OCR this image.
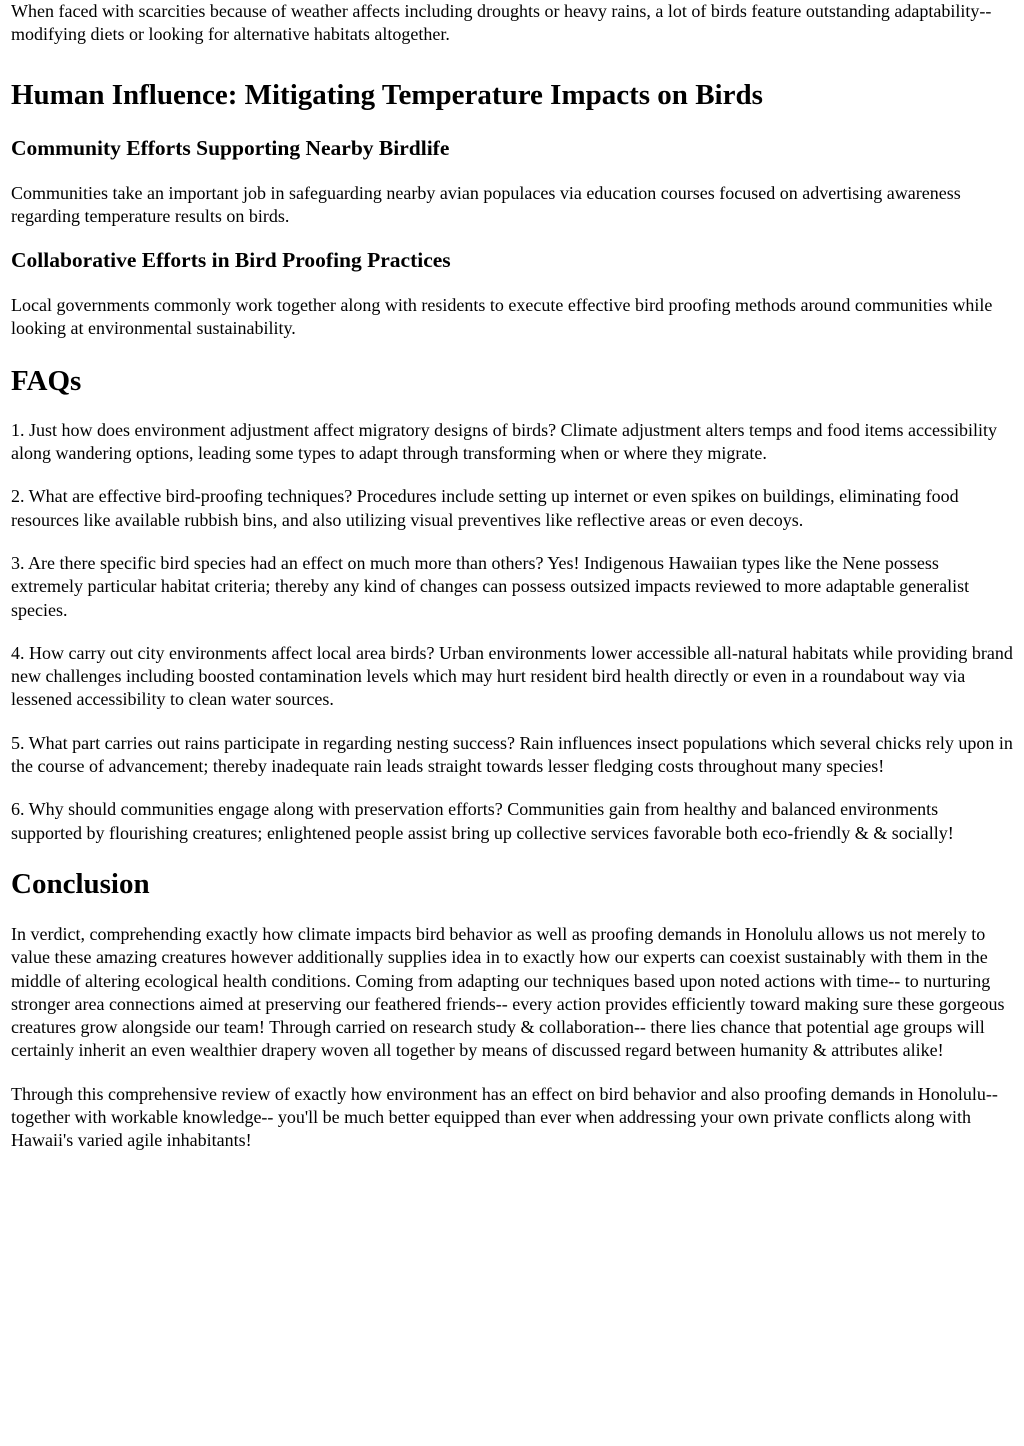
When faced with scarcities because of weather affects including droughts or heavy rains, a lot of birds feature outstanding adaptability-- modifying diets or looking for alternative habitats altogether.

Human Influence: Mitigating Temperature Impacts on Birds
Community Efforts Supporting Nearby Birdlife

Communities take an important job in safeguarding nearby avian populaces via education courses focused on advertising awareness regarding temperature results on birds.

Collaborative Efforts in Bird Proofing Practices

Local governments commonly work together along with residents to execute effective bird proofing methods around communities while looking at environmental sustainability.

FAQs

1. Just how does environment adjustment affect migratory designs of birds? Climate adjustment alters temps and food items accessibility along wandering options, leading some types to adapt through transforming when or where they migrate.

2. What are effective bird-proofing techniques? Procedures include setting up internet or even spikes on buildings, eliminating food resources like available rubbish bins, and also utilizing visual preventives like reflective areas or even decoys.

3. Are there specific bird species had an effect on much more than others? Yes! Indigenous Hawaiian types like the Nene possess extremely particular habitat criteria; thereby any kind of changes can possess outsized impacts reviewed to more adaptable generalist species.

4. How carry out city environments affect local area birds? Urban environments lower accessible all-natural habitats while providing brand new challenges including boosted contamination levels which may hurt resident bird health directly or even in a roundabout way via lessened accessibility to clean water sources.

5. What part carries out rains participate in regarding nesting success? Rain influences insect populations which several chicks rely upon in the course of advancement; thereby inadequate rain leads straight towards lesser fledging costs throughout many species!

6. Why should communities engage along with preservation efforts? Communities gain from healthy and balanced environments supported by flourishing creatures; enlightened people assist bring up collective services favorable both eco-friendly & & socially!

Conclusion

In verdict, comprehending exactly how climate impacts bird behavior as well as proofing demands in Honolulu allows us not merely to value these amazing creatures however additionally supplies idea in to exactly how our experts can coexist sustainably with them in the middle of altering ecological health conditions. Coming from adapting our techniques based upon noted actions with time-- to nurturing stronger area connections aimed at preserving our feathered friends-- every action provides efficiently toward making sure these gorgeous creatures grow alongside our team! Through carried on research study & collaboration-- there lies chance that potential age groups will certainly inherit an even wealthier drapery woven all together by means of discussed regard between humanity & attributes alike!

Through this comprehensive review of exactly how environment has an effect on bird behavior and also proofing demands in Honolulu-- together with workable knowledge-- you'll be much better equipped than ever when addressing your own private conflicts along with Hawaii's varied agile inhabitants!
